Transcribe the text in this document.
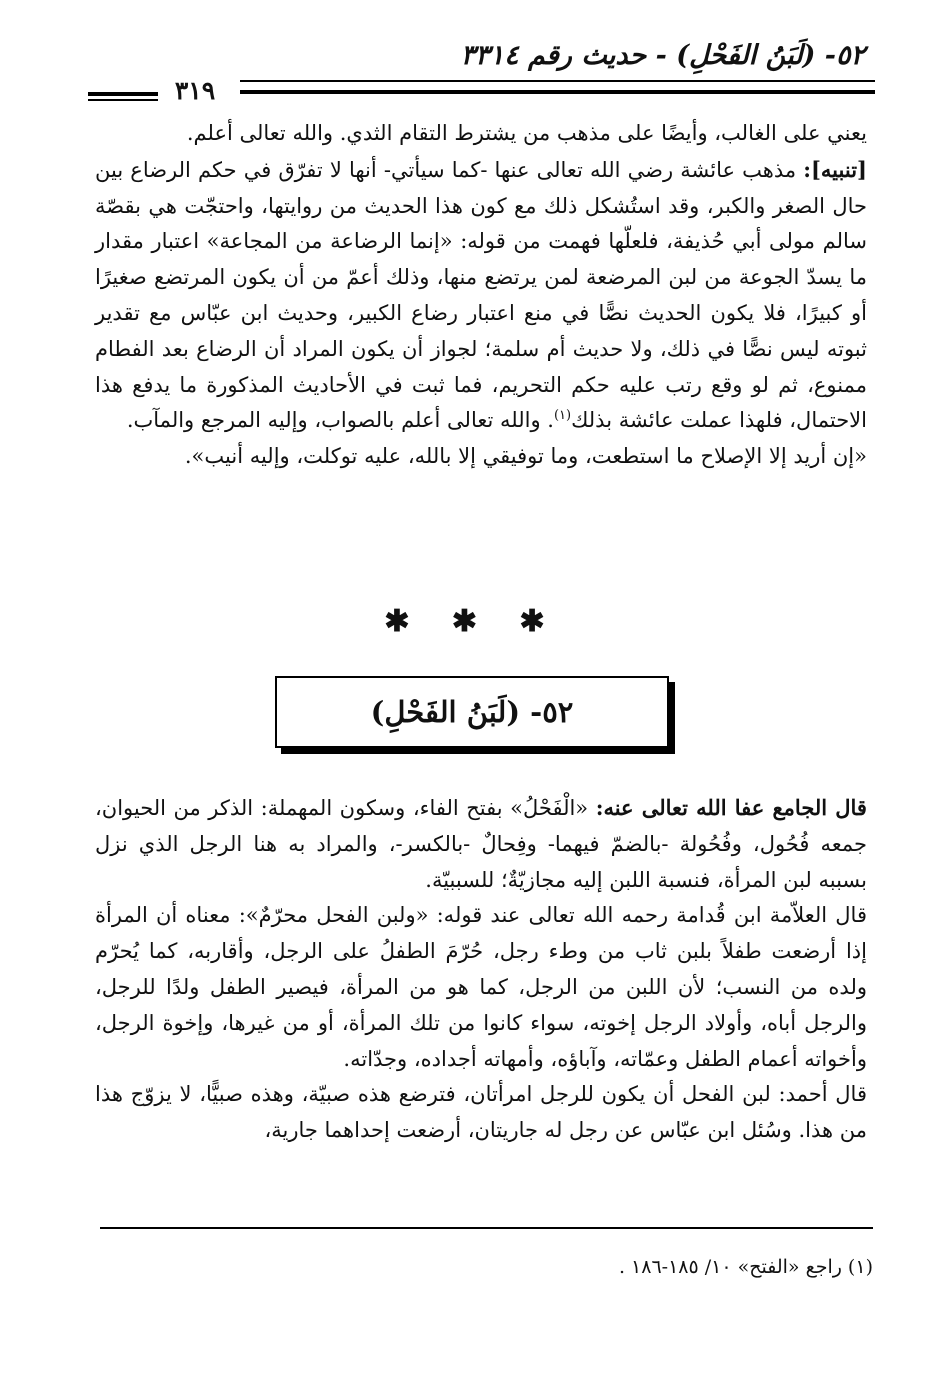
٥٢- (لَبَنُ الفَحْلِ) - حديث رقم ٣٣١٤
٣١٩

يعني على الغالب، وأيضًا على مذهب من يشترط التقام الثدي. والله تعالى أعلم.

[تنبيه]: مذهب عائشة رضي الله تعالى عنها -كما سيأتي- أنها لا تفرّق في حكم الرضاع بين حال الصغر والكبر، وقد استُشكل ذلك مع كون هذا الحديث من روايتها، واحتجّت هي بقصّة سالم مولى أبي حُذيفة، فلعلّها فهمت من قوله: «إنما الرضاعة من المجاعة» اعتبار مقدار ما يسدّ الجوعة من لبن المرضعة لمن يرتضع منها، وذلك أعمّ من أن يكون المرتضع صغيرًا أو كبيرًا، فلا يكون الحديث نصًّا في منع اعتبار رضاع الكبير، وحديث ابن عبّاس مع تقدير ثبوته ليس نصًّا في ذلك، ولا حديث أم سلمة؛ لجواز أن يكون المراد أن الرضاع بعد الفطام ممنوع، ثم لو وقع رتب عليه حكم التحريم، فما ثبت في الأحاديث المذكورة ما يدفع هذا الاحتمال، فلهذا عملت عائشة بذلك$^{(١)}$. والله تعالى أعلم بالصواب، وإليه المرجع والمآب.

«إن أريد إلا الإصلاح ما استطعت، وما توفيقي إلا بالله، عليه توكلت، وإليه أنيب».

✱ ✱ ✱
٥٢- (لَبَنُ الفَحْلِ)

قال الجامع عفا الله تعالى عنه: «الْفَحْلُ» بفتح الفاء، وسكون المهملة: الذكر من الحيوان، جمعه فُحُول، وفُحُولة -بالضمّ فيهما- وفِحالٌ -بالكسر-، والمراد به هنا الرجل الذي نزل بسببه لبن المرأة، فنسبة اللبن إليه مجازيّةٌ؛ للسببيّة.

قال العلاّمة ابن قُدامة رحمه الله تعالى عند قوله: «ولبن الفحل محرّمٌ»: معناه أن المرأة إذا أرضعت طفلاً بلبن ثاب من وطء رجل، حُرّمَ الطفلُ على الرجل، وأقاربه، كما يُحرّم ولده من النسب؛ لأن اللبن من الرجل، كما هو من المرأة، فيصير الطفل ولدًا للرجل، والرجل أباه، وأولاد الرجل إخوته، سواء كانوا من تلك المرأة، أو من غيرها، وإخوة الرجل، وأخواته أعمام الطفل وعمّاته، وآباؤه، وأمهاته أجداده، وجدّاته.

قال أحمد: لبن الفحل أن يكون للرجل امرأتان، فترضع هذه صبيّة، وهذه صبيًّا، لا يزوّج هذا من هذا. وسُئل ابن عبّاس عن رجل له جاريتان، أرضعت إحداهما جارية،

(١) راجع «الفتح» ١٠/ ١٨٥-١٨٦ .
